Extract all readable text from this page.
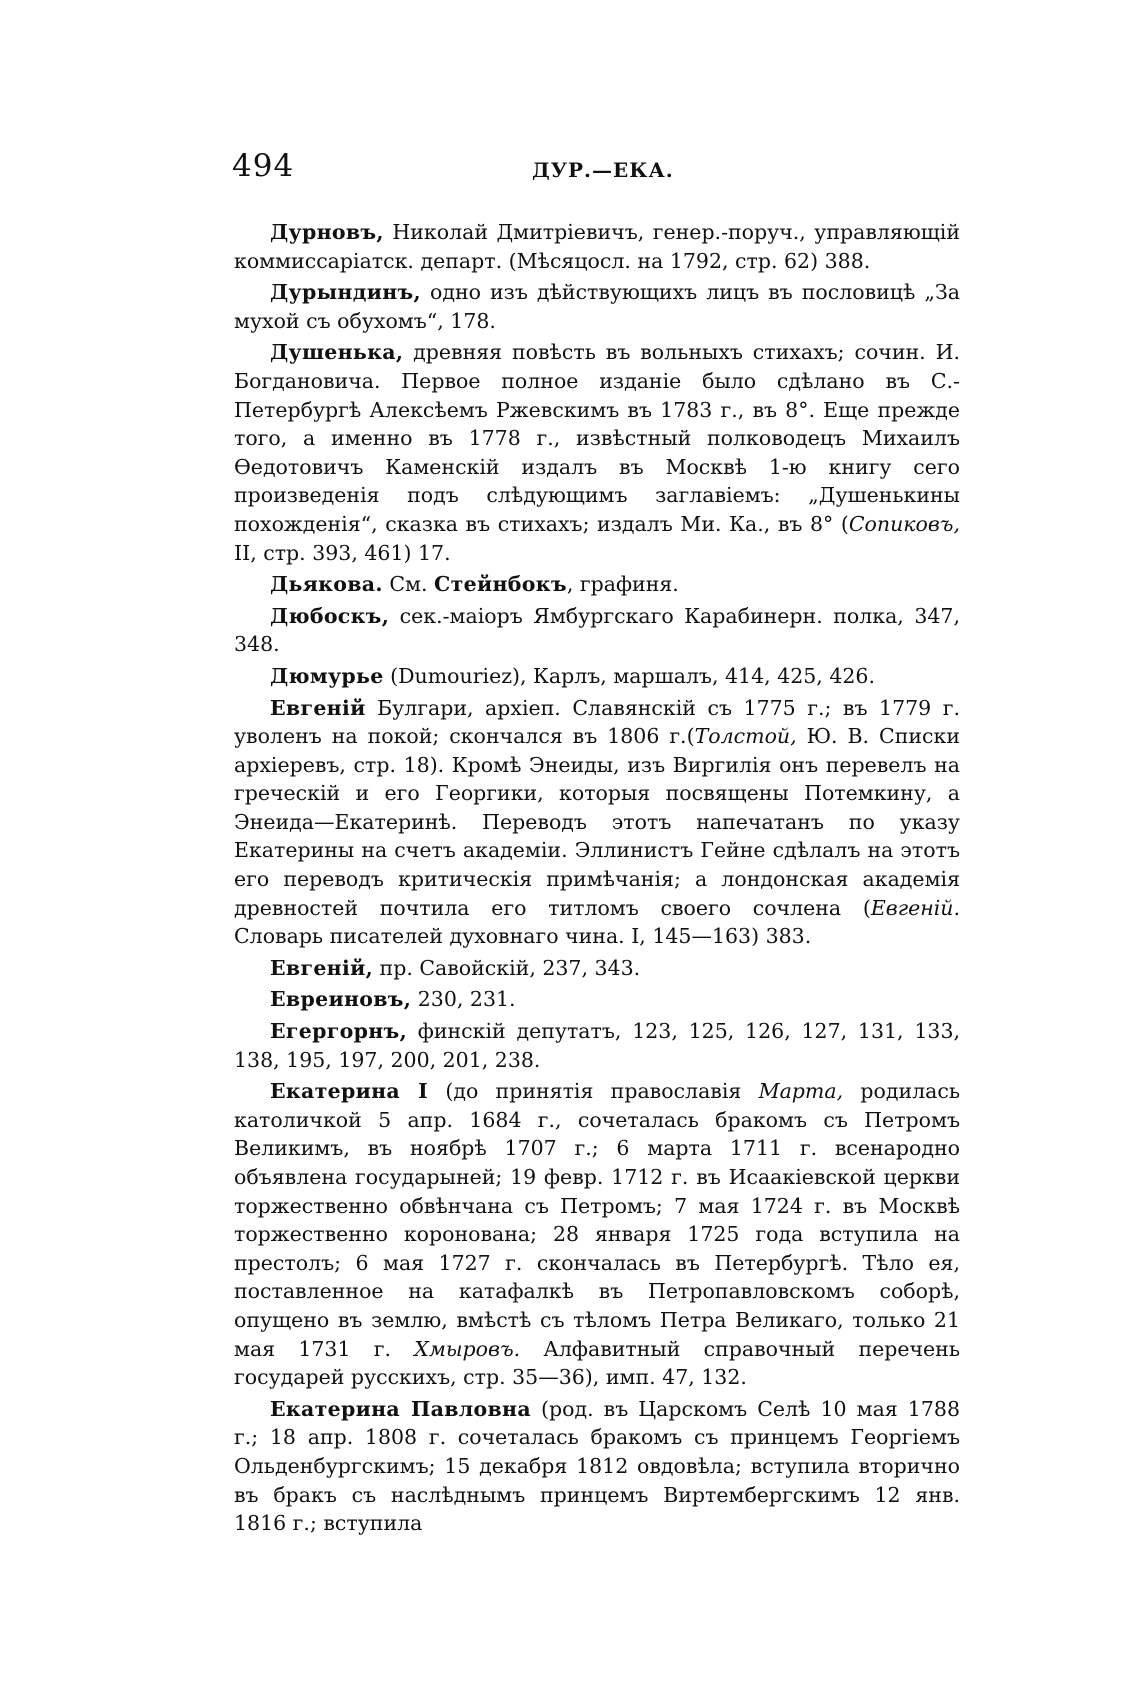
494	ДУР.—ЕКА.

Дурновъ, Николай Дмитріевичъ, генер.-поруч., управляющій коммиссаріатск. департ. (Мѣсяцосл. на 1792, стр. 62) 388.

Дурындинъ, одно изъ дѣйствующихъ лицъ въ пословицѣ „За мухой съ обухомъ“, 178.

Душенька, древняя повѣсть въ вольныхъ стихахъ; сочин. И. Богдановича. Первое полное изданіе было сдѣлано въ С.-Петербургѣ Алексѣемъ Ржевскимъ въ 1783 г., въ 8°. Еще прежде того, а именно въ 1778 г., извѣстный полководецъ Михаилъ Ѳедотовичъ Каменскій издалъ въ Москвѣ 1-ю книгу сего произведенія подъ слѣдующимъ заглавіемъ: „Душенькины похожденія“, сказка въ стихахъ; издалъ Ми. Ка., въ 8° (Сопиковъ, II, стр. 393, 461) 17.

Дьякова. См. Стейнбокъ, графиня.

Дюбоскъ, сек.-маіоръ Ямбургскаго Карабинерн. полка, 347, 348.

Дюмурье (Dumouriez), Карлъ, маршалъ, 414, 425, 426.

Евгеній Булгари, архіеп. Славянскій съ 1775 г.; въ 1779 г. уволенъ на покой; скончался въ 1806 г.(Толстой, Ю. В. Списки архіеревъ, стр. 18). Кромѣ Энеиды, изъ Виргилія онъ перевелъ на греческій и его Георгики, которыя посвящены Потемкину, а Энеида—Екатеринѣ. Переводъ этотъ напечатанъ по указу Екатерины на счетъ академіи. Эллинистъ Гейне сдѣлалъ на этотъ его переводъ критическія примѣчанія; а лондонская академія древностей почтила его титломъ своего сочлена (Евгеній. Словарь писателей духовнаго чина. I, 145—163) 383.

Евгеній, пр. Савойскій, 237, 343.

Евреиновъ, 230, 231.

Егергорнъ, финскій депутатъ, 123, 125, 126, 127, 131, 133, 138, 195, 197, 200, 201, 238.

Екатерина I (до принятія православія Марта, родилась католичкой 5 апр. 1684 г., сочеталась бракомъ съ Петромъ Великимъ, въ ноябрѣ 1707 г.; 6 марта 1711 г. всенародно объявлена государыней; 19 февр. 1712 г. въ Исаакіевской церкви торжественно обвѣнчана съ Петромъ; 7 мая 1724 г. въ Москвѣ торжественно коронована; 28 января 1725 года вступила на престолъ; 6 мая 1727 г. скончалась въ Петербургѣ. Тѣло ея, поставленное на катафалкѣ въ Петропавловскомъ соборѣ, опущено въ землю, вмѣстѣ съ тѣломъ Петра Великаго, только 21 мая 1731 г. Хмыровъ. Алфавитный справочный перечень государей русскихъ, стр. 35—36), имп. 47, 132.

Екатерина Павловна (род. въ Царскомъ Селѣ 10 мая 1788 г.; 18 апр. 1808 г. сочеталась бракомъ съ принцемъ Георгіемъ Ольденбургскимъ; 15 декабря 1812 овдовѣла; вступила вторично въ бракъ съ наслѣднымъ принцемъ Виртембергскимъ 12 янв. 1816 г.; вступила
